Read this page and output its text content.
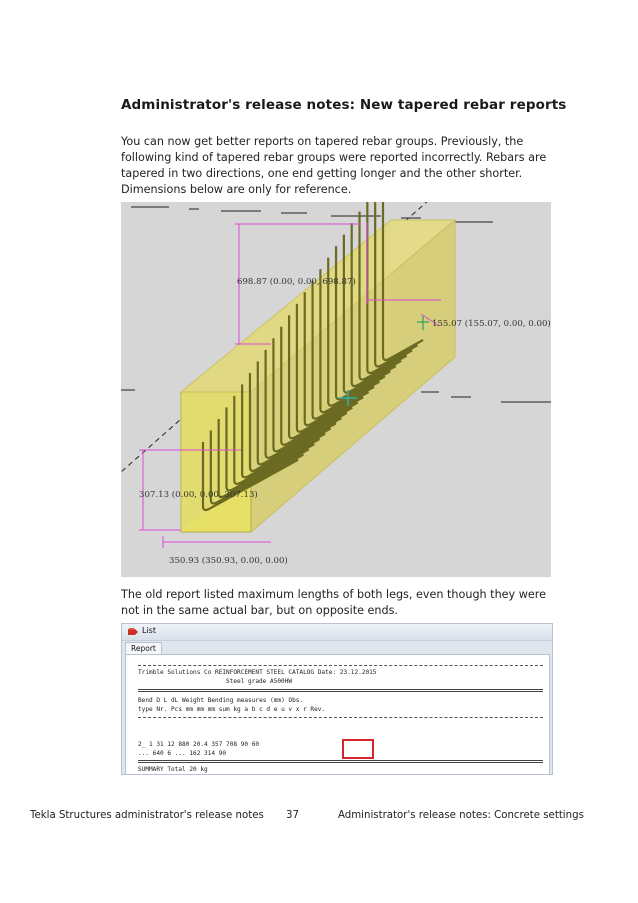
Administrator's release notes: New tapered rebar reports
You can now get better reports on tapered rebar groups. Previously, the
following kind of tapered rebar groups were reported incorrectly. Rebars are
tapered in two directions, one end getting longer and the other shorter.
Dimensions below are only for reference.
698.87 (0.00, 0.00, 698.87)
155.07 (155.07, 0.00, 0.00)
307.13 (0.00, 0.00, 307.13)
350.93 (350.93, 0.00, 0.00)
The old report listed maximum lengths of both legs, even though they were
not in the same actual bar, but on opposite ends.
List
Report
Trimble Solutions Co REINFORCEMENT STEEL CATALOG Date: 23.12.2015
Steel grade A500HW
Bend D L dL Weight Bending measures (mm) Obs.
type Nr. Pcs mm mm mm sum kg a b c d e u v x r Rev.
2_ 1 31 12 880 20.4 357 708 90 60
... 640 6 ... 162 314 90
SUMMARY Total 20 kg
Tekla Structures administrator's release notes 37	Administrator's release notes: Concrete settings
